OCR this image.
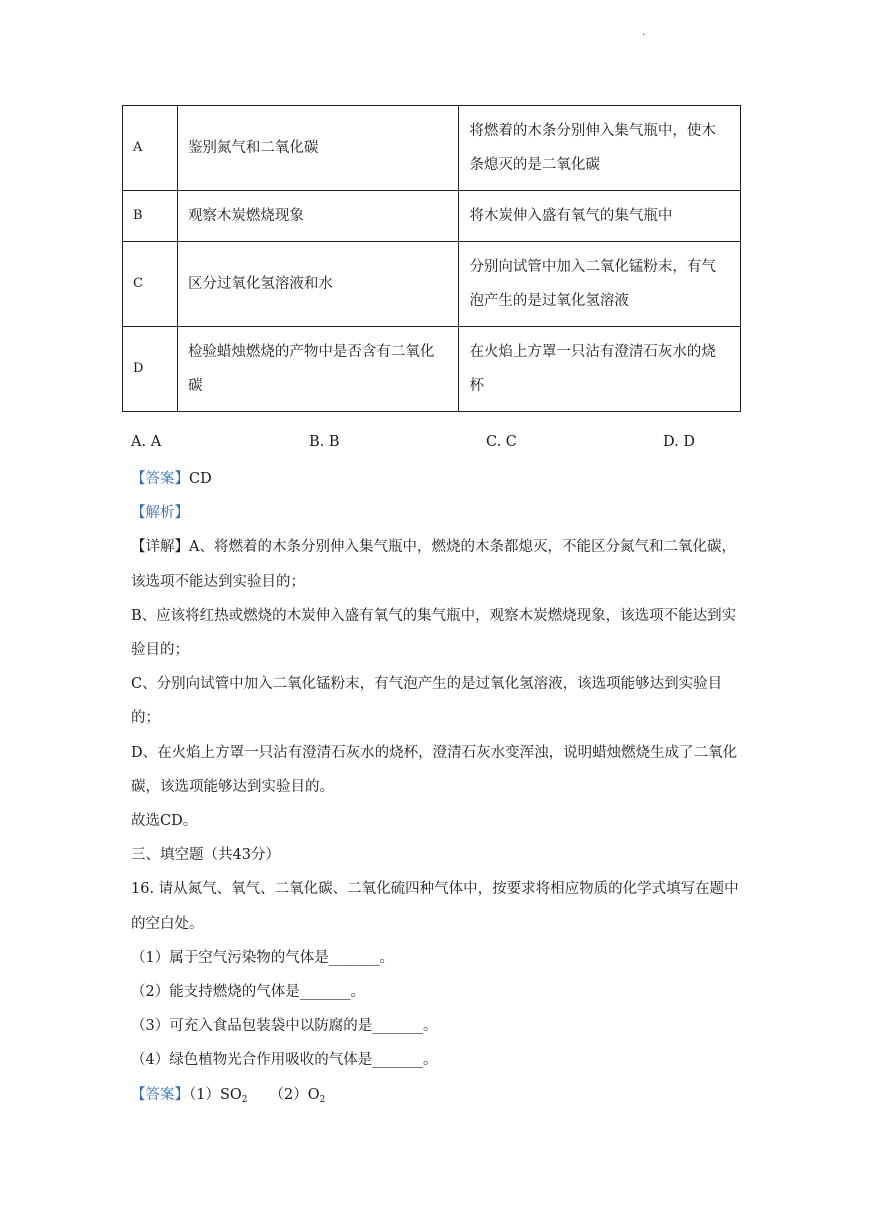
·
A	鉴别氮气和二氧化碳	将燃着的木条分别伸入集气瓶中，使木条熄灭的是二氧化碳
B	观察木炭燃烧现象	将木炭伸入盛有氧气的集气瓶中
C	区分过氧化氢溶液和水	分别向试管中加入二氧化锰粉末，有气泡产生的是过氧化氢溶液
D	检验蜡烛燃烧的产物中是否含有二氧化碳	在火焰上方罩一只沾有澄清石灰水的烧杯
A. A	B. B	C. C	D. D

【答案】CD

【解析】

【详解】A、将燃着的木条分别伸入集气瓶中，燃烧的木条都熄灭，不能区分氮气和二氧化碳，该选项不能达到实验目的；

B、应该将红热或燃烧的木炭伸入盛有氧气的集气瓶中，观察木炭燃烧现象，该选项不能达到实验目的；

C、分别向试管中加入二氧化锰粉末，有气泡产生的是过氧化氢溶液，该选项能够达到实验目的；

D、在火焰上方罩一只沾有澄清石灰水的烧杯，澄清石灰水变浑浊，说明蜡烛燃烧生成了二氧化碳，该选项能够达到实验目的。

故选CD。

三、填空题（共43分）

16. 请从氮气、氧气、二氧化碳、二氧化硫四种气体中，按要求将相应物质的化学式填写在题中的空白处。

（1）属于空气污染物的气体是_______。

（2）能支持燃烧的气体是_______。

（3）可充入食品包装袋中以防腐的是_______。

（4）绿色植物光合作用吸收的气体是_______。

【答案】$(1)SO_2$ $(2)O_2$
